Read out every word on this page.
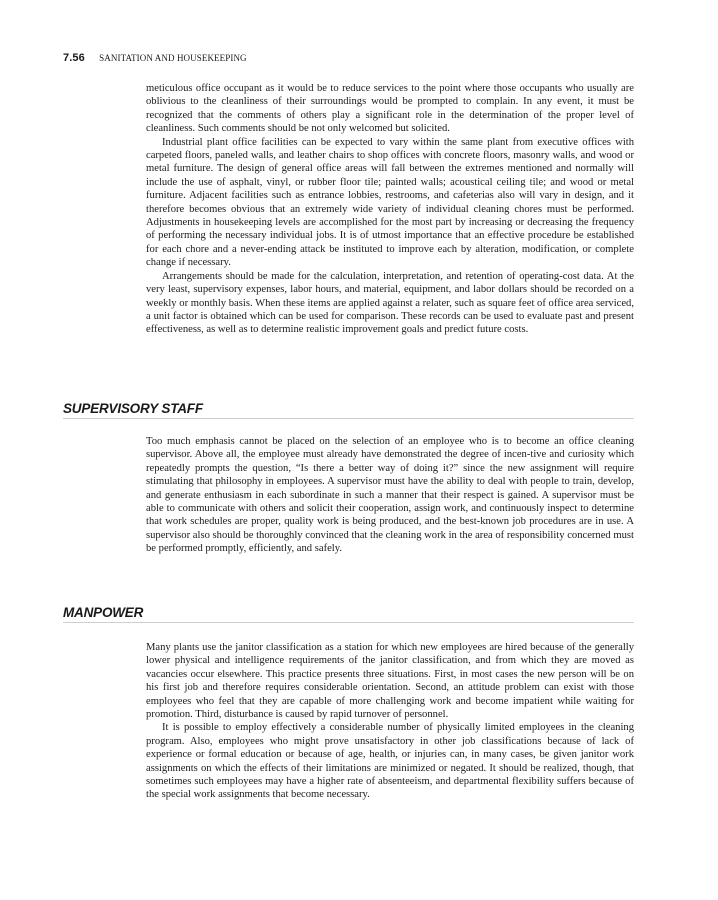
7.56 SANITATION AND HOUSEKEEPING

meticulous office occupant as it would be to reduce services to the point where those occupants who usually are oblivious to the cleanliness of their surroundings would be prompted to complain. In any event, it must be recognized that the comments of others play a significant role in the determination of the proper level of cleanliness. Such comments should be not only welcomed but solicited.

Industrial plant office facilities can be expected to vary within the same plant from executive offices with carpeted floors, paneled walls, and leather chairs to shop offices with concrete floors, masonry walls, and wood or metal furniture. The design of general office areas will fall between the extremes mentioned and normally will include the use of asphalt, vinyl, or rubber floor tile; painted walls; acoustical ceiling tile; and wood or metal furniture. Adjacent facilities such as entrance lobbies, restrooms, and cafeterias also will vary in design, and it therefore becomes obvious that an extremely wide variety of individual cleaning chores must be performed. Adjustments in housekeeping levels are accomplished for the most part by increasing or decreasing the frequency of performing the necessary individual jobs. It is of utmost importance that an effective procedure be established for each chore and a never-ending attack be instituted to improve each by alteration, modification, or complete change if necessary.

Arrangements should be made for the calculation, interpretation, and retention of operating-cost data. At the very least, supervisory expenses, labor hours, and material, equipment, and labor dollars should be recorded on a weekly or monthly basis. When these items are applied against a relater, such as square feet of office area serviced, a unit factor is obtained which can be used for comparison. These records can be used to evaluate past and present effectiveness, as well as to determine realistic improvement goals and predict future costs.

SUPERVISORY STAFF

Too much emphasis cannot be placed on the selection of an employee who is to become an office cleaning supervisor. Above all, the employee must already have demonstrated the degree of incen-tive and curiosity which repeatedly prompts the question, “Is there a better way of doing it?” since the new assignment will require stimulating that philosophy in employees. A supervisor must have the ability to deal with people to train, develop, and generate enthusiasm in each subordinate in such a manner that their respect is gained. A supervisor must be able to communicate with others and solicit their cooperation, assign work, and continuously inspect to determine that work schedules are proper, quality work is being produced, and the best-known job procedures are in use. A supervisor also should be thoroughly convinced that the cleaning work in the area of responsibility concerned must be performed promptly, efficiently, and safely.

MANPOWER

Many plants use the janitor classification as a station for which new employees are hired because of the generally lower physical and intelligence requirements of the janitor classification, and from which they are moved as vacancies occur elsewhere. This practice presents three situations. First, in most cases the new person will be on his first job and therefore requires considerable orientation. Second, an attitude problem can exist with those employees who feel that they are capable of more challenging work and become impatient while waiting for promotion. Third, disturbance is caused by rapid turnover of personnel.

It is possible to employ effectively a considerable number of physically limited employees in the cleaning program. Also, employees who might prove unsatisfactory in other job classifications because of lack of experience or formal education or because of age, health, or injuries can, in many cases, be given janitor work assignments on which the effects of their limitations are minimized or negated. It should be realized, though, that sometimes such employees may have a higher rate of absenteeism, and departmental flexibility suffers because of the special work assignments that become necessary.
